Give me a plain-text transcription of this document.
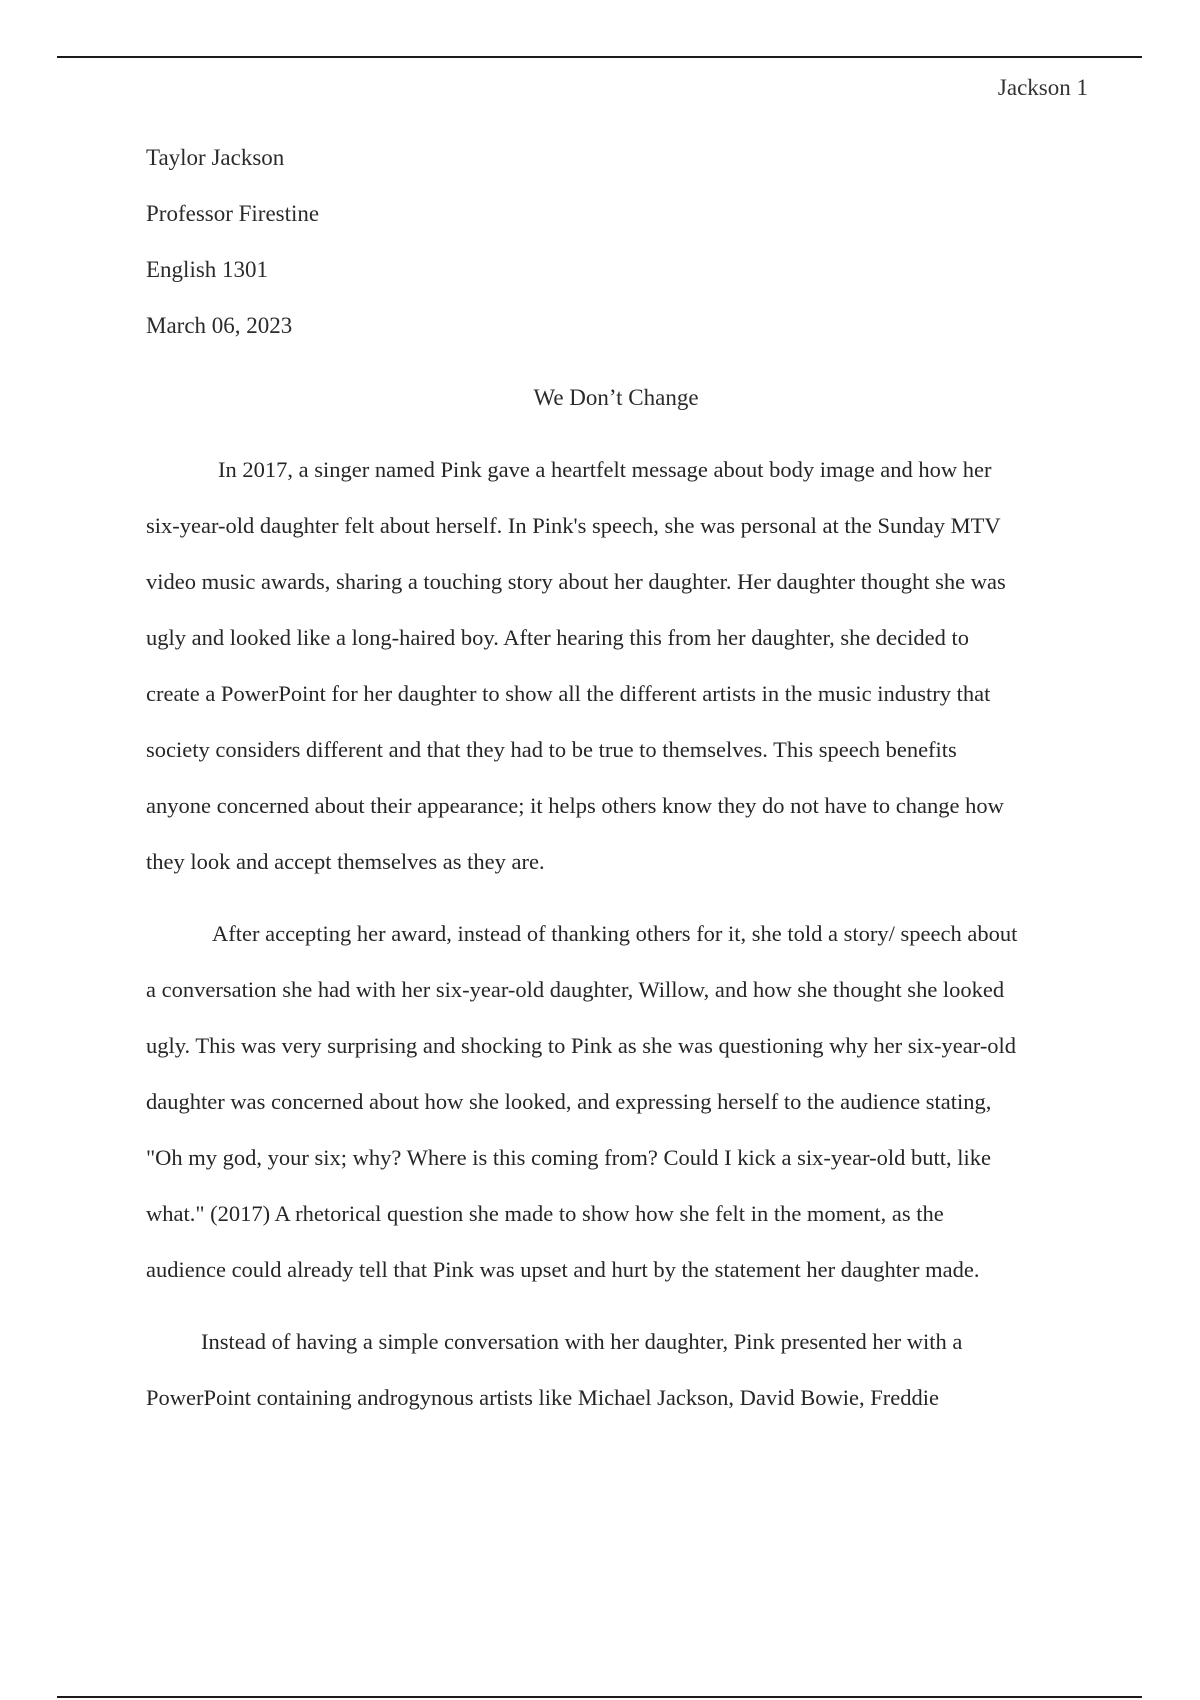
Jackson 1
Taylor Jackson
Professor Firestine
English 1301
March 06, 2023
We Don’t Change
In 2017, a singer named Pink gave a heartfelt message about body image and how her
six-year-old daughter felt about herself. In Pink's speech, she was personal at the Sunday MTV
video music awards, sharing a touching story about her daughter. Her daughter thought she was
ugly and looked like a long-haired boy. After hearing this from her daughter, she decided to
create a PowerPoint for her daughter to show all the different artists in the music industry that
society considers different and that they had to be true to themselves. This speech benefits
anyone concerned about their appearance; it helps others know they do not have to change how
they look and accept themselves as they are.
After accepting her award, instead of thanking others for it, she told a story/ speech about
a conversation she had with her six-year-old daughter, Willow, and how she thought she looked
ugly. This was very surprising and shocking to Pink as she was questioning why her six-year-old
daughter was concerned about how she looked, and expressing herself to the audience stating,
"Oh my god, your six; why? Where is this coming from? Could I kick a six-year-old butt, like
what." (2017) A rhetorical question she made to show how she felt in the moment, as the
audience could already tell that Pink was upset and hurt by the statement her daughter made.
Instead of having a simple conversation with her daughter, Pink presented her with a
PowerPoint containing androgynous artists like Michael Jackson, David Bowie, Freddie
